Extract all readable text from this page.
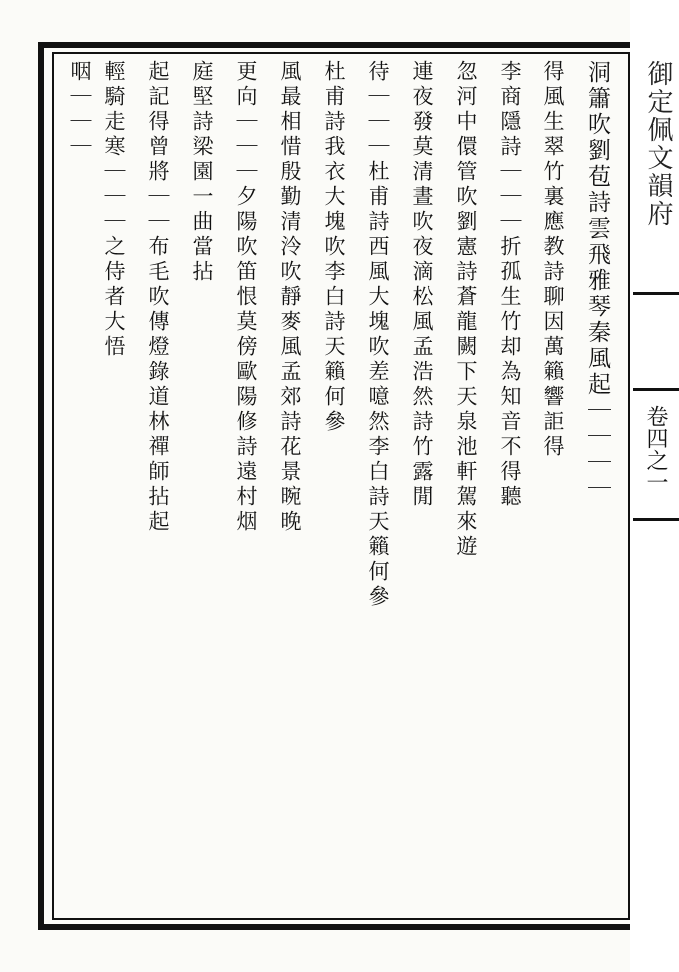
御定佩文韻府
卷四之一
洞簫吹劉苞詩雲飛雅琴秦風起｜｜｜｜
得風生翠竹裏應教詩聊因萬籟響詎得
李商隱詩｜｜｜折孤生竹却為知音不得聽
忽河中儇管吹劉憲詩蒼龍闕下天泉池軒駕來遊
連夜發莫清晝吹夜滴松風孟浩然詩竹露閒
待｜｜｜杜甫詩西風大塊吹差噫然李白詩天籟何參
杜甫詩我衣大塊吹李白詩天籟何參
風最相惜殷勤清泠吹靜麥風孟郊詩花景晼晚
更向｜｜｜夕陽吹笛恨莫傍歐陽修詩遠村烟
庭堅詩梁園一曲當拈
起記得曾將｜｜布毛吹傳燈錄道林禪師拈起
輕騎走寒｜｜｜之侍者大悟
咽｜｜｜
